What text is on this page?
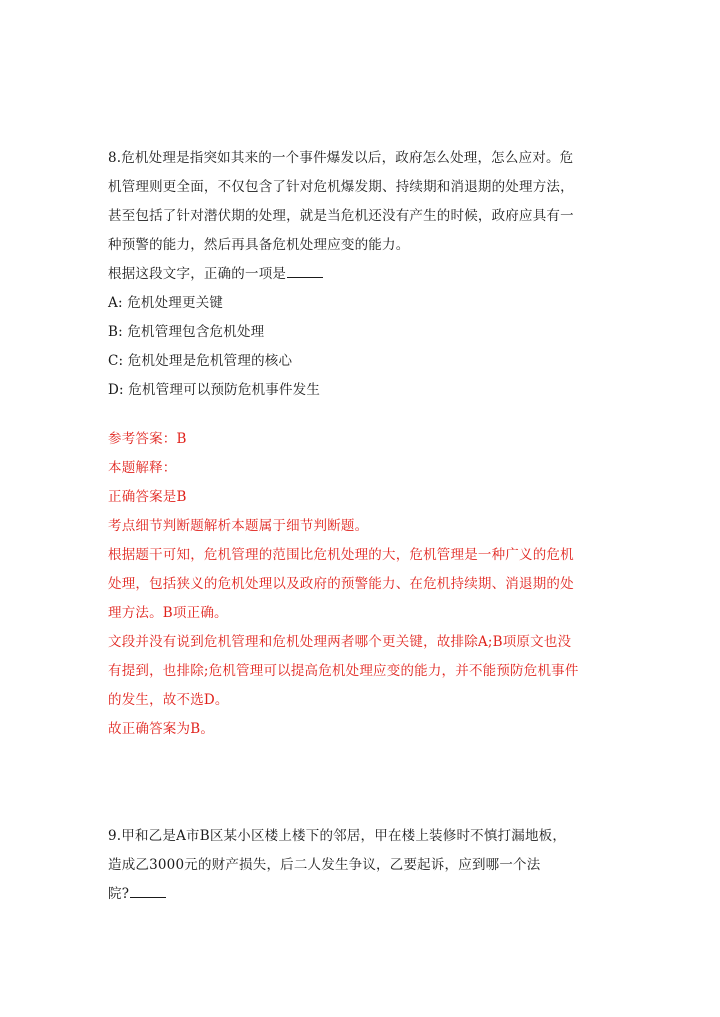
8.危机处理是指突如其来的一个事件爆发以后，政府怎么处理，怎么应对。危
机管理则更全面，不仅包含了针对危机爆发期、持续期和消退期的处理方法，
甚至包括了针对潜伏期的处理，就是当危机还没有产生的时候，政府应具有一
种预警的能力，然后再具备危机处理应变的能力。
根据这段文字，正确的一项是
A: 危机处理更关键
B: 危机管理包含危机处理
C: 危机处理是危机管理的核心
D: 危机管理可以预防危机事件发生
参考答案：B
本题解释：
正确答案是B
考点细节判断题解析本题属于细节判断题。
根据题干可知，危机管理的范围比危机处理的大，危机管理是一种广义的危机
处理，包括狭义的危机处理以及政府的预警能力、在危机持续期、消退期的处
理方法。B项正确。
文段并没有说到危机管理和危机处理两者哪个更关键，故排除A;B项原文也没
有提到，也排除;危机管理可以提高危机处理应变的能力，并不能预防危机事件
的发生，故不选D。
故正确答案为B。
9.甲和乙是A市B区某小区楼上楼下的邻居，甲在楼上装修时不慎打漏地板，
造成乙3000元的财产损失，后二人发生争议，乙要起诉，应到哪一个法
院?
